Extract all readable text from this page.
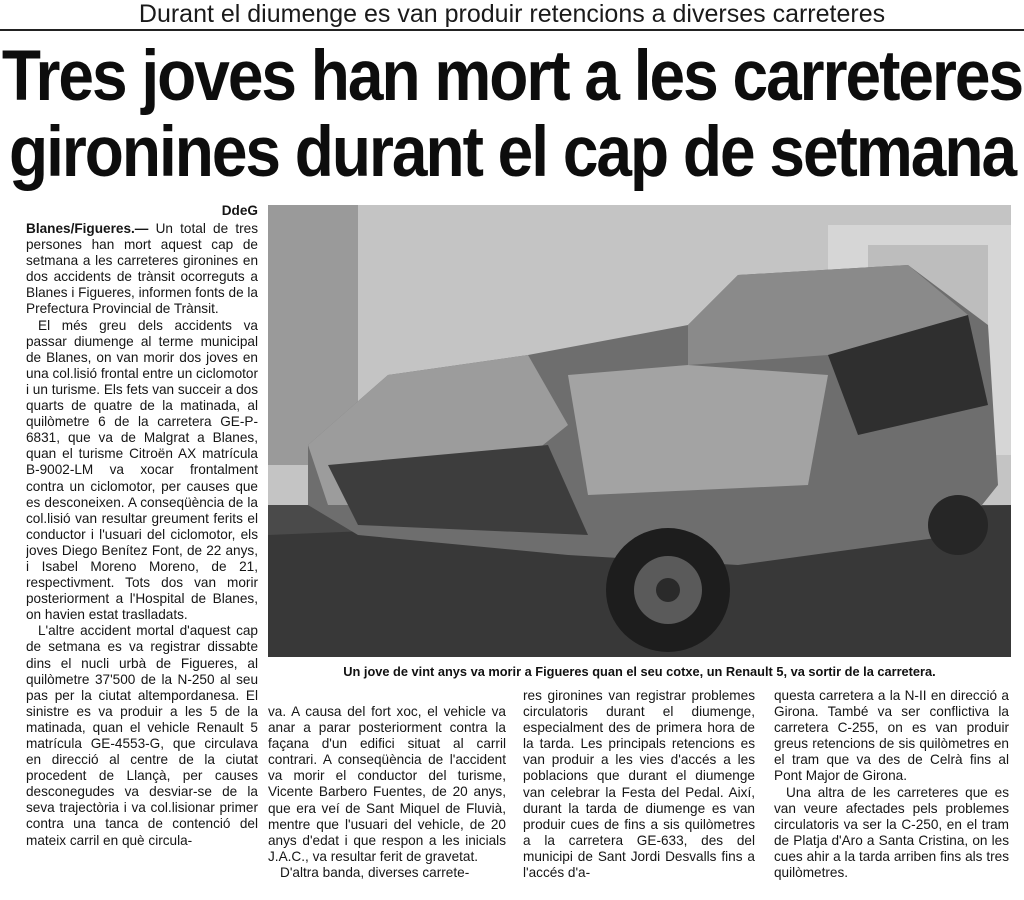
Durant el diumenge es van produir retencions a diverses carreteres
Tres joves han mort a les carreteres
gironines durant el cap de setmana
DdeG

Blanes/Figueres.— Un total de tres persones han mort aquest cap de setmana a les carreteres gironines en dos accidents de trànsit ocorreguts a Blanes i Figueres, informen fonts de la Prefectura Provincial de Trànsit.

El més greu dels accidents va passar diumenge al terme municipal de Blanes, on van morir dos joves en una col.lisió frontal entre un ciclomotor i un turisme. Els fets van succeir a dos quarts de quatre de la matinada, al quilòmetre 6 de la carretera GE-P-6831, que va de Malgrat a Blanes, quan el turisme Citroën AX matrícula B-9002-LM va xocar frontalment contra un ciclomotor, per causes que es desconeixen. A conseqüència de la col.lisió van resultar greument ferits el conductor i l'usuari del ciclomotor, els joves Diego Benítez Font, de 22 anys, i Isabel Moreno Moreno, de 21, respectivment. Tots dos van morir posteriorment a l'Hospital de Blanes, on havien estat traslladats.

L'altre accident mortal d'aquest cap de setmana es va registrar dissabte dins el nucli urbà de Figueres, al quilòmetre 37'500 de la N-250 al seu pas per la ciutat altempordanesa. El sinistre es va produir a les 5 de la matinada, quan el vehicle Renault 5 matrícula GE-4553-G, que circulava en direcció al centre de la ciutat procedent de Llançà, per causes desconegudes va desviar-se de la seva trajectòria i va col.lisionar primer contra una tanca de contenció del mateix carril en què circula-

Un jove de vint anys va morir a Figueres quan el seu cotxe, un Renault 5, va sortir de la carretera.

va. A causa del fort xoc, el vehicle va anar a parar posteriorment contra la façana d'un edifici situat al carril contrari. A conseqüència de l'accident va morir el conductor del turisme, Vicente Barbero Fuentes, de 20 anys, que era veí de Sant Miquel de Fluvià, mentre que l'usuari del vehicle, de 20 anys d'edat i que respon a les inicials J.A.C., va resultar ferit de gravetat.

D'altra banda, diverses carrete-

res gironines van registrar problemes circulatoris durant el diumenge, especialment des de primera hora de la tarda. Les principals retencions es van produir a les vies d'accés a les poblacions que durant el diumenge van celebrar la Festa del Pedal. Així, durant la tarda de diumenge es van produir cues de fins a sis quilòmetres a la carretera GE-633, des del municipi de Sant Jordi Desvalls fins a l'accés d'a-

questa carretera a la N-II en direcció a Girona. També va ser conflictiva la carretera C-255, on es van produir greus retencions de sis quilòmetres en el tram que va des de Celrà fins al Pont Major de Girona.

Una altra de les carreteres que es van veure afectades pels problemes circulatoris va ser la C-250, en el tram de Platja d'Aro a Santa Cristina, on les cues ahir a la tarda arriben fins als tres quilòmetres.
